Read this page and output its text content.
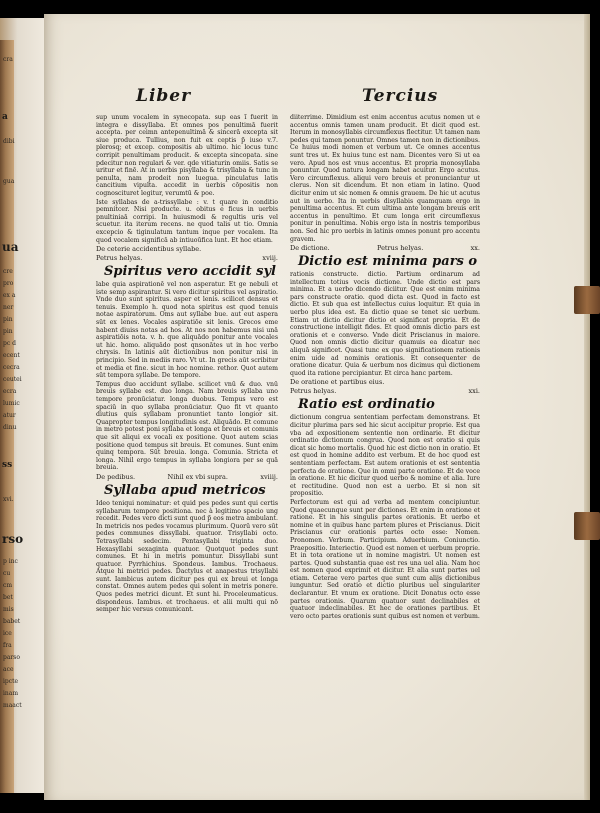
cra
dibi
gua
ua
cre
pro
ex a
ner
pin
pin
pc d
ecent
cecra
ceutei
ecra
lumic
atur
dinu
xvi.
rso
p inc
cu
cm
bet
mis
babet
ice
fra
parso
ace
ipcte
inam
maact
a
ss
Liber	Tercius

sup unum vocalem in synecopata. sup eas ĩ fuerit in integra e dissyllaba. Et omnes pos penultimā fuerit accepta. per ceimn antepenultimā & sincerā excepta sit siue produca. Tullius, non fuit ex ceptis p̃ iuso v.7. plerosq; et excep. compositis ab ultimo. hic locus tunc corripit penultimam producit. & excepta sincopata. sine pdecitur non regulari & ver. qde vitiaturin omiis. Satis se uritur et finē. At in uerbis pisyllaba & trisyllaba & tunc in penulta, nam prodeit non luegua. pinculatus latis cancitium vipulta. accedit in uerbis cōpositis non cognoscituret legitur, verumtū & poe.

Iste syllabas de a-trissyllabe : v. t quare in conditio pemnitcer. Nisi producte. u. obitus e ficus in uerbis pnultiniaā corripi. In huiusmodi & regultis uris vel scuetur. ita iterum recens. ne quod talis ut tio. Omnia excepcio & tiginulatum tantum inque per vocalem. Ita quod vocalem significā ab intiuoūfica lunt. Et hoc etiam.

De ceterie accidentibus syllabe.
Petrus helyas.	xviij.
Spiritus vero accidit syl

labe quia aspirationē vel non asperatur. Et ge nebuli et iste semp aspirantur. Si vero dicitur spiritus vel aspiratio. Vnde duo sunt spiritus. asper et lenis. scilicet densus et tenuis. Exemplo h. quod nota spiritus est quod tenuis notae aspiratorum. Oms aut syllabe bue. aut eut aspera sūt ex lenes. Vocales aspiratiōe sit lenis. Grecos eme habent diuiss notas ad hos. At nos non habemus nisi unā aspiratiōis nota. v. h. que aliquādo ponitur ante vocales ut hic. homo. aliquādo post qnsonātes ut in hoc verbo chrysis. In latinis aūt dictionibus non ponitur nisi in principio. Sed in mediis raro. Vt ut. In grecis aūt scribitur et media et fine. sicut in hoc nomine. rethor. Quot autem sūt tempora syllabe. De tempore.

Tempus duo accidunt syllabe. scilicet vnū & duo. vnū breuis syllabe est. duo longa. Nam breuis syllaba uno tempore pronūciatur. longa duobus. Tempus vero est spaciū in quo syllaba pronūciatur. Quo fit vt quanto diutius quis syllabam pronuntiet tanto longior sit. Quapropter tempus longitudinis est. Aliquādo. Et comune in metro potest poni syllaba et longa et breuis et comunis que sit aliqui ex vocali ex positione. Quot autem scias positione quod tempus sit breuis. Et comunes. Sunt enim quinq tempora. Sūt breuia. longa. Comunia. Stricta et longa. Nihil ergo tempus in syllaba longiora per se quā breuia.

De pedibus.	Nihil ex vbi supra.	xviiij.
Syllaba apud metricos

Ideo teniqui nominatur: et quid pes pedes sunt qui certis syllabarum tempore positiona. nec à legitimo spacio ung recedit. Pedes vero dicti sunt quod p̃ eos metra ambulant. In metricis nos pedes vocamus plurimum. Quorū vero sūt pedes communes dissyllabi. quatuor. Trisyllabi octo. Tetrasyllabi sedecim. Pentasyllabi triginta duo. Hexasyllabi sexaginta quatuor. Quotquot pedes sunt comunes. Et hi in metris pomuntur. Dissyllabi sunt quatuor. Pyrrhichius. Spondeus. Iambus. Trochaeus. Atque hi metrici pedes. Dactylus et anapestus trisyllabi sunt. Iambicus autem dicitur pes qui ex breui et longa constat. Omnes autem pedes qui solent in metris ponere. Quos pedes metrici dicunt. Et sunt hi. Proceleumaticus. dispondeus. Iambus. et trochaeus. et alii multi qui nō semper hic versus comunicant.

diiterrime. Dimidium est enim accentus acutus nomen ut e accentus omnis tamen unam producit. Et dicit quod est. Iterum in monosyllabis circumflexus flectitur. Ut tamen nam pedes qui tamen ponuntur. Omnes tamen non in dictionibus. Ce huius modi nomen et verbum ut. Ce omnes accentus sunt tres ut. Ex huius tunc est nam. Dicentes vero Si ut ea vero. Apud nos est vnus accentus. Et propria monosyllaba ponuntur. Quod natura longam habet acuitur. Ergo acutus. Vero circumflexus. aliqui vero breuis et pronunciantur ut clerus. Non sit dicendum. Et non etiam in latino. Quod dicitur enim ut sic nomen & omnis grauem. De hic ut acutus aut in uerbo. Ita in uerbis disyllabis quamquam ergo in penultima accentus. Et cum ultima ante longam breuis erit accentus in penultimo. Et cum longa erit circumflexus ponitur in penultima. Nobis ergo ista in nostris temporibus non. Sed hic pro uerbis in latinis omnes ponunt pro accentu gravem.

De dictione.	Petrus helyas.	xx.
Dictio est minima pars o

rationis constructe. dictio. Partium ordinarum ad intellectum totius vocis dictione. Unde dictio est pars minima. Et a uerbo dicendo diciitur. Que est enim minima pars constructe oratio. quod dicta est. Quod in facto est dictio. Et sub qua est intellectus cuius loquitur. Et quia in uerbo plus idea est. Ea dictio quae se tenet sic uerbum. Etiam ut dictio dicitur dictio et significat propria. Et de constructione intelligit fides. Et quod omnis dictio pars est orationis et e converso. Vnde dicit Priscianus in maiore. Quod non omnis dictio dicitur quamuis ea dicatur nec aliquā significet. Quasi tunc ex quo significationem rationis enim uide ad nominis orationis. Et consequenter de oratione dicatur. Quia & uerbum nos dicimus qui dictionem quod ita ratione percipiantur. Et circa hanc partem.

De oratione et partibus eius.
Petrus helyas.	xxi.
Ratio est ordinatio

dictionum congrua sententiam perfectam demonstrans. Et dicitur plurima pars sed hic sicut accipitur proprie. Est qua vba ad expositionem sententie non ordinarie. Et dicitur ordinatio dictionum congrua. Quod non est oratio si quis dicat sic homo mortalis. Quod hic est dictio non in oratio. Et est quod in homine addito est verbum. Et de hoc quod est sententiam perfectam. Est autem orationis et est sententia perfecta de oratione. Que in omni parte oratione. Et de voce in oratione. Et hic dicitur quod uerbo & nomine et alia. Iure et rectitudine. Quod non est a uerbo. Et si non sit propositio.

Perfectorum est qui ad verba ad mentem concipiuntur. Quod quaecunque sunt per dictiones. Et enim in oratione et ratione. Et in his singulis partes orationis. Et uerbo et nomine et in quibus hanc partem plures et Priscianus. Dicit Priscianus cur orationis partes octo esse: Nomen. Pronomen. Verbum. Participium. Aduerbium. Coniunctio. Praepositio. Interiectio. Quod est nomen et uerbum proprie. Et in tota oratione ut in nomine magistri. Ut nomen est partes. Quod substantia quae est res una uel alia. Nam hoc est nomen quod exprimit et dicitur. Et alia sunt partes uel etiam. Ceterae vero partes que sunt cum alijs dictionibus iunguntur. Sed oratio et dictio pluribus uel singulariter declarantur. Et vnum ex oratione. Dicit Donatus octo esse partes orationis. Quarum quatuor sunt declinabiles et quatuor indeclinabiles. Et hec de orationes partibus. Et vero octo partes orationis sunt quibus est nomen et verbum.
